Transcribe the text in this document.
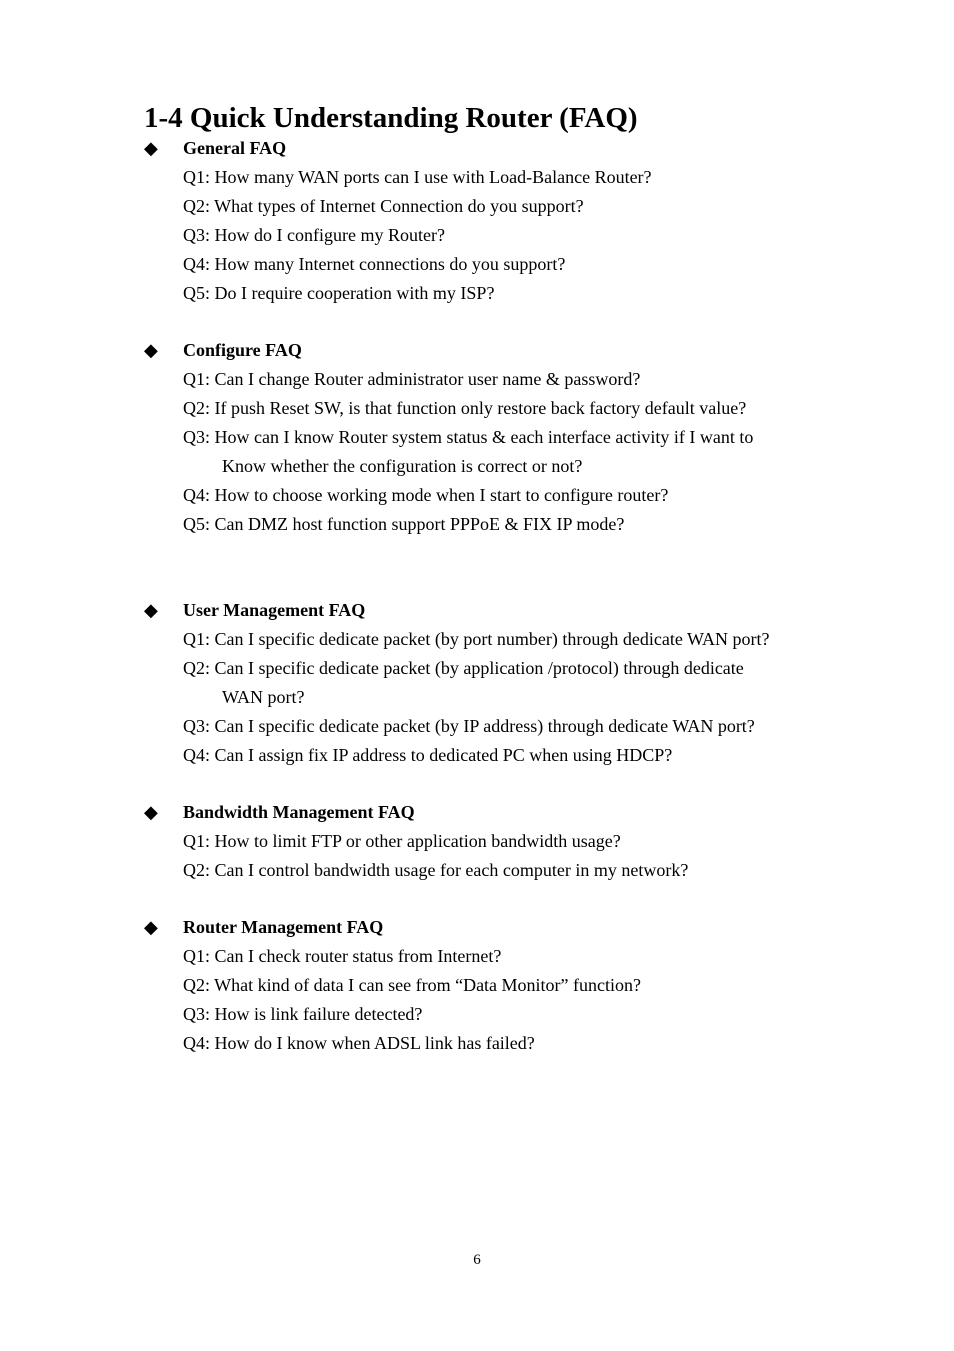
1-4 Quick Understanding Router (FAQ)
◆	General FAQ
Q1: How many WAN ports can I use with Load-Balance Router?
Q2: What types of Internet Connection do you support?
Q3: How do I configure my Router?
Q4: How many Internet connections do you support?
Q5: Do I require cooperation with my ISP?
◆	Configure FAQ
Q1: Can I change Router administrator user name & password?
Q2: If push Reset SW, is that function only restore back factory default value?
Q3: How can I know Router system status & each interface activity if I want to
Know whether the configuration is correct or not?
Q4: How to choose working mode when I start to configure router?
Q5: Can DMZ host function support PPPoE & FIX IP mode?
◆	User Management FAQ
Q1: Can I specific dedicate packet (by port number) through dedicate WAN port?
Q2: Can I specific dedicate packet (by application /protocol) through dedicate
WAN port?
Q3: Can I specific dedicate packet (by IP address) through dedicate WAN port?
Q4: Can I assign fix IP address to dedicated PC when using HDCP?
◆	Bandwidth Management FAQ
Q1: How to limit FTP or other application bandwidth usage?
Q2: Can I control bandwidth usage for each computer in my network?
◆	Router Management FAQ
Q1: Can I check router status from Internet?
Q2: What kind of data I can see from “Data Monitor” function?
Q3: How is link failure detected?
Q4: How do I know when ADSL link has failed?
6
